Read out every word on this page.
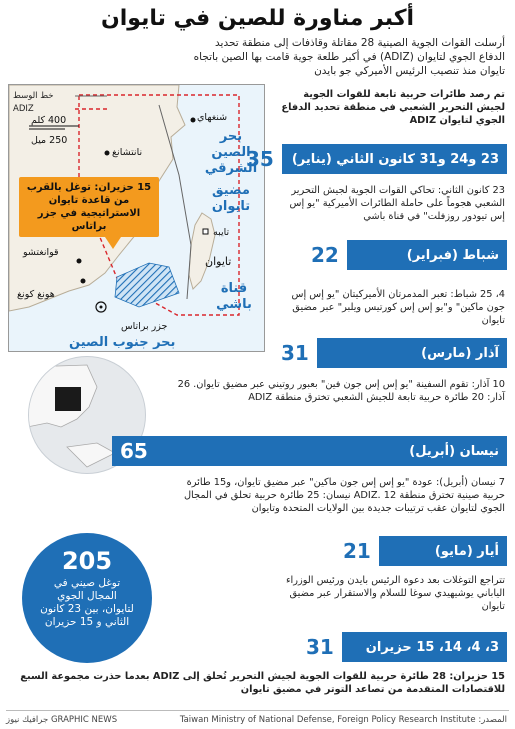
أكبر مناورة للصين في تايوان
أرسلت القوات الجوية الصينية 28 مقاتلة وقاذفات إلى منطقة تحديد الدفاع الجوي لتايوان (ADIZ) في أكبر طلعة جوية قامت بها الصين باتجاه تايوان منذ تنصيب الرئيس الأميركي جو بايدن
خط الوسط
ADIZ
400 كلم
250 ميل
شنغهاي
نانتشانغ
قوانغتشو
هونغ كونغ
تايبه
تايوان
جزر براتاس
بحر الصين الشرقي
مضيق تايوان
قناة باشي
بحر جنوب الصين
15 حزيران: توغل بالقرب من قاعدة تايوان الاستراتيجية في جزر براتاس
تم رصد طائرات حربية تابعة للقوات الجوية لجيش التحرير الشعبي في منطقة تحديد الدفاع الجوي لتايوان ADIZ
23 و24 و31 كانون الثاني (يناير)
35
23 كانون الثاني: تحاكي القوات الجوية لجيش التحرير الشعبي هجوماً على حاملة الطائرات الأميركية "يو إس إس تيودور روزفلت" في قناة باشي
شباط (فبراير)
22
4، 25 شباط: تعبر المدمرتان الأميركيتان "يو إس إس جون ماكين" و"يو إس إس كورتيس ويلبر" عبر مضيق تايوان
آذار (مارس)
31
10 آذار: تقوم السفينة "يو إس إس جون فين" بعبور روتيني عبر مضيق تايوان. 26 آذار: 20 طائرة حربية تابعة للجيش الشعبي تخترق منطقة ADIZ
نيسان (أبريل)
65
7 نيسان (أبريل): عودة "يو إس إس جون ماكين" عبر مضيق تايوان، و15 طائرة حربية صينية تخترق منطقة ADIZ. 12 نيسان: 25 طائرة حربية تحلق في المجال الجوي لتايوان عقب ترتيبات جديدة بين الولايات المتحدة وتايوان
أيار (مايو)
21
تتراجع التوغلات بعد دعوة الرئيس بايدن ورئيس الوزراء الياباني يوشيهيدي سوغا للسلام والاستقرار عبر مضيق تايوان
3، 4، 14، 15 حزيران
31
15 حزيران: 28 طائرة حربية للقوات الجوية لجيش التحرير تُحلق إلى ADIZ بعدما حذرت مجموعة السبع للاقتصادات المتقدمة من تصاعد التوتر في مضيق تايوان
205
توغل صيني في المجال الجوي لتايوان، بين 23 كانون الثاني و 15 حزيران
المصدر: Taiwan Ministry of National Defense, Foreign Policy Research Institute
GRAPHIC NEWS جرافيك نيوز
